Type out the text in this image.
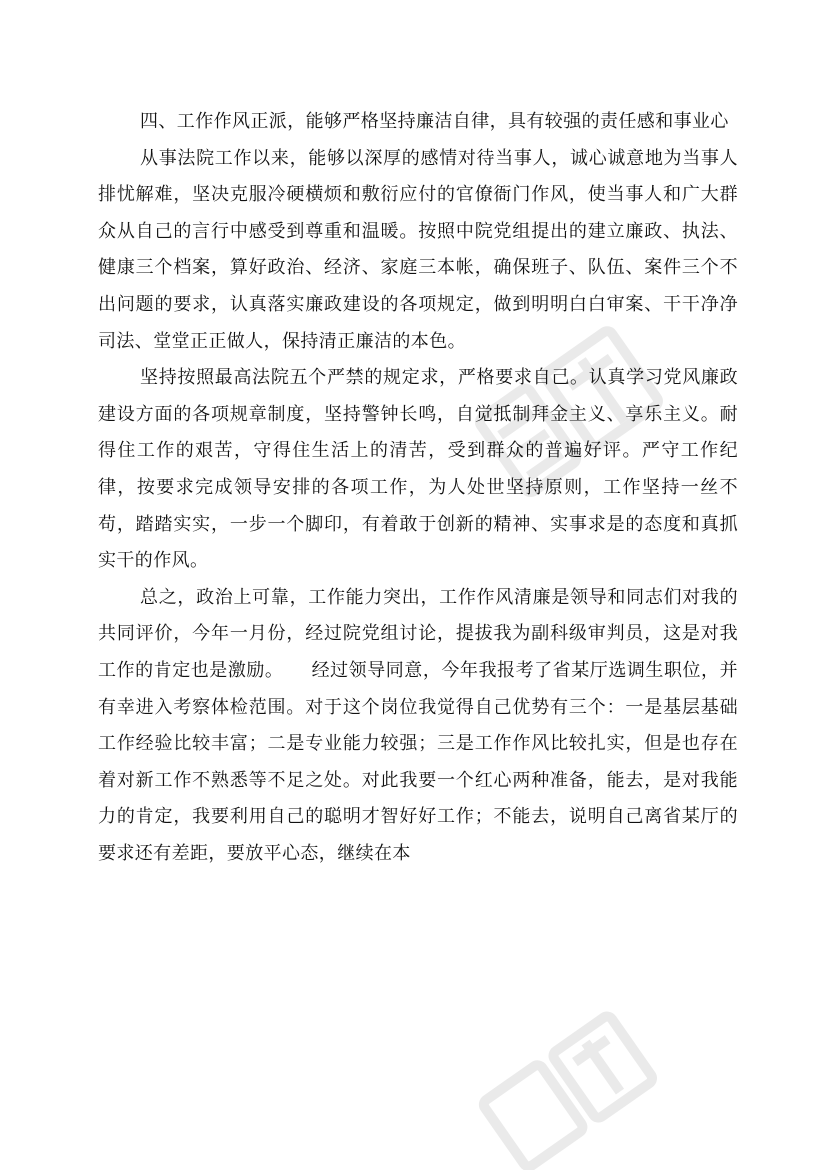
四、工作作风正派，能够严格坚持廉洁自律，具有较强的责任感和事业心

从事法院工作以来，能够以深厚的感情对待当事人，诚心诚意地为当事人排忧解难，坚决克服冷硬横烦和敷衍应付的官僚衙门作风，使当事人和广大群众从自己的言行中感受到尊重和温暖。按照中院党组提出的建立廉政、执法、健康三个档案，算好政治、经济、家庭三本帐，确保班子、队伍、案件三个不出问题的要求，认真落实廉政建设的各项规定，做到明明白白审案、干干净净司法、堂堂正正做人，保持清正廉洁的本色。

坚持按照最高法院五个严禁的规定求，严格要求自己。认真学习党风廉政建设方面的各项规章制度，坚持警钟长鸣，自觉抵制拜金主义、享乐主义。耐得住工作的艰苦，守得住生活上的清苦，受到群众的普遍好评。严守工作纪律，按要求完成领导安排的各项工作，为人处世坚持原则，工作坚持一丝不苟，踏踏实实，一步一个脚印，有着敢于创新的精神、实事求是的态度和真抓实干的作风。

总之，政治上可靠，工作能力突出，工作作风清廉是领导和同志们对我的共同评价，今年一月份，经过院党组讨论，提拔我为副科级审判员，这是对我工作的肯定也是激励。　　经过领导同意，今年我报考了省某厅选调生职位，并有幸进入考察体检范围。对于这个岗位我觉得自己优势有三个：一是基层基础工作经验比较丰富；二是专业能力较强；三是工作作风比较扎实，但是也存在着对新工作不熟悉等不足之处。对此我要一个红心两种准备，能去，是对我能力的肯定，我要利用自己的聪明才智好好工作；不能去，说明自己离省某厅的要求还有差距，要放平心态，继续在本
